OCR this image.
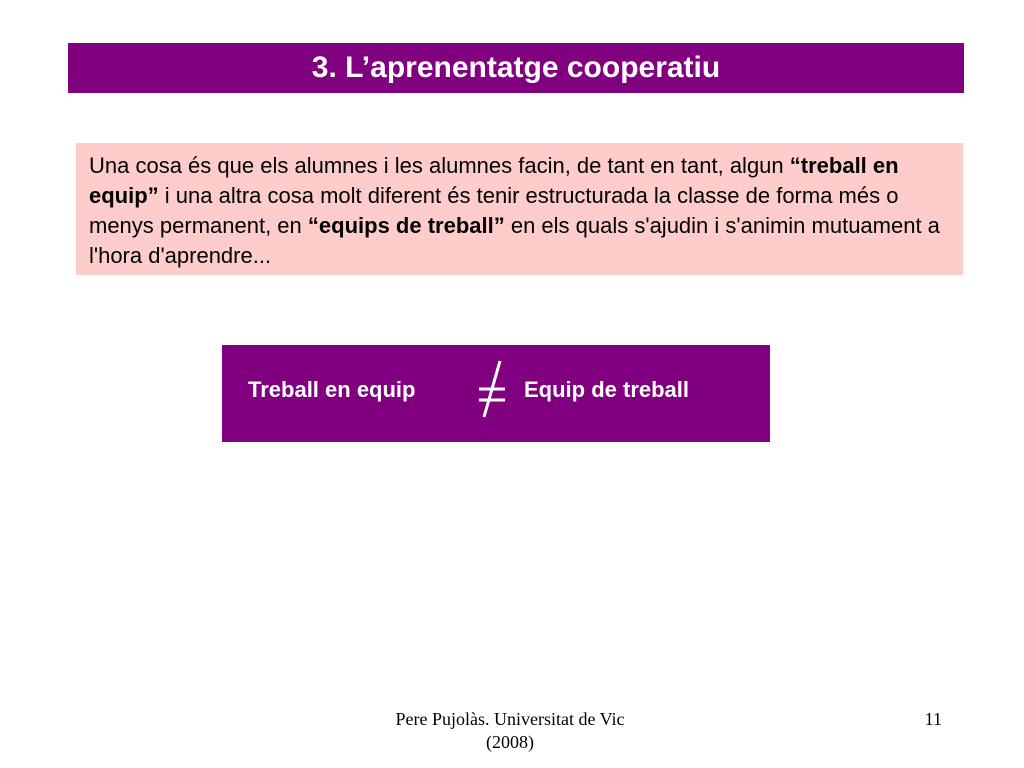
3. L’aprenentatge cooperatiu

Una cosa és que els alumnes i les alumnes facin, de tant en tant, algun “treball en equip” i una altra cosa molt diferent és tenir estructurada la classe de forma més o menys permanent, en “equips de treball” en els quals s'ajudin i s'animin mutuament a l'hora d'aprendre...

Treball en equip	Equip de treball
Pere Pujolàs. Universitat de Vic
(2008)
11
